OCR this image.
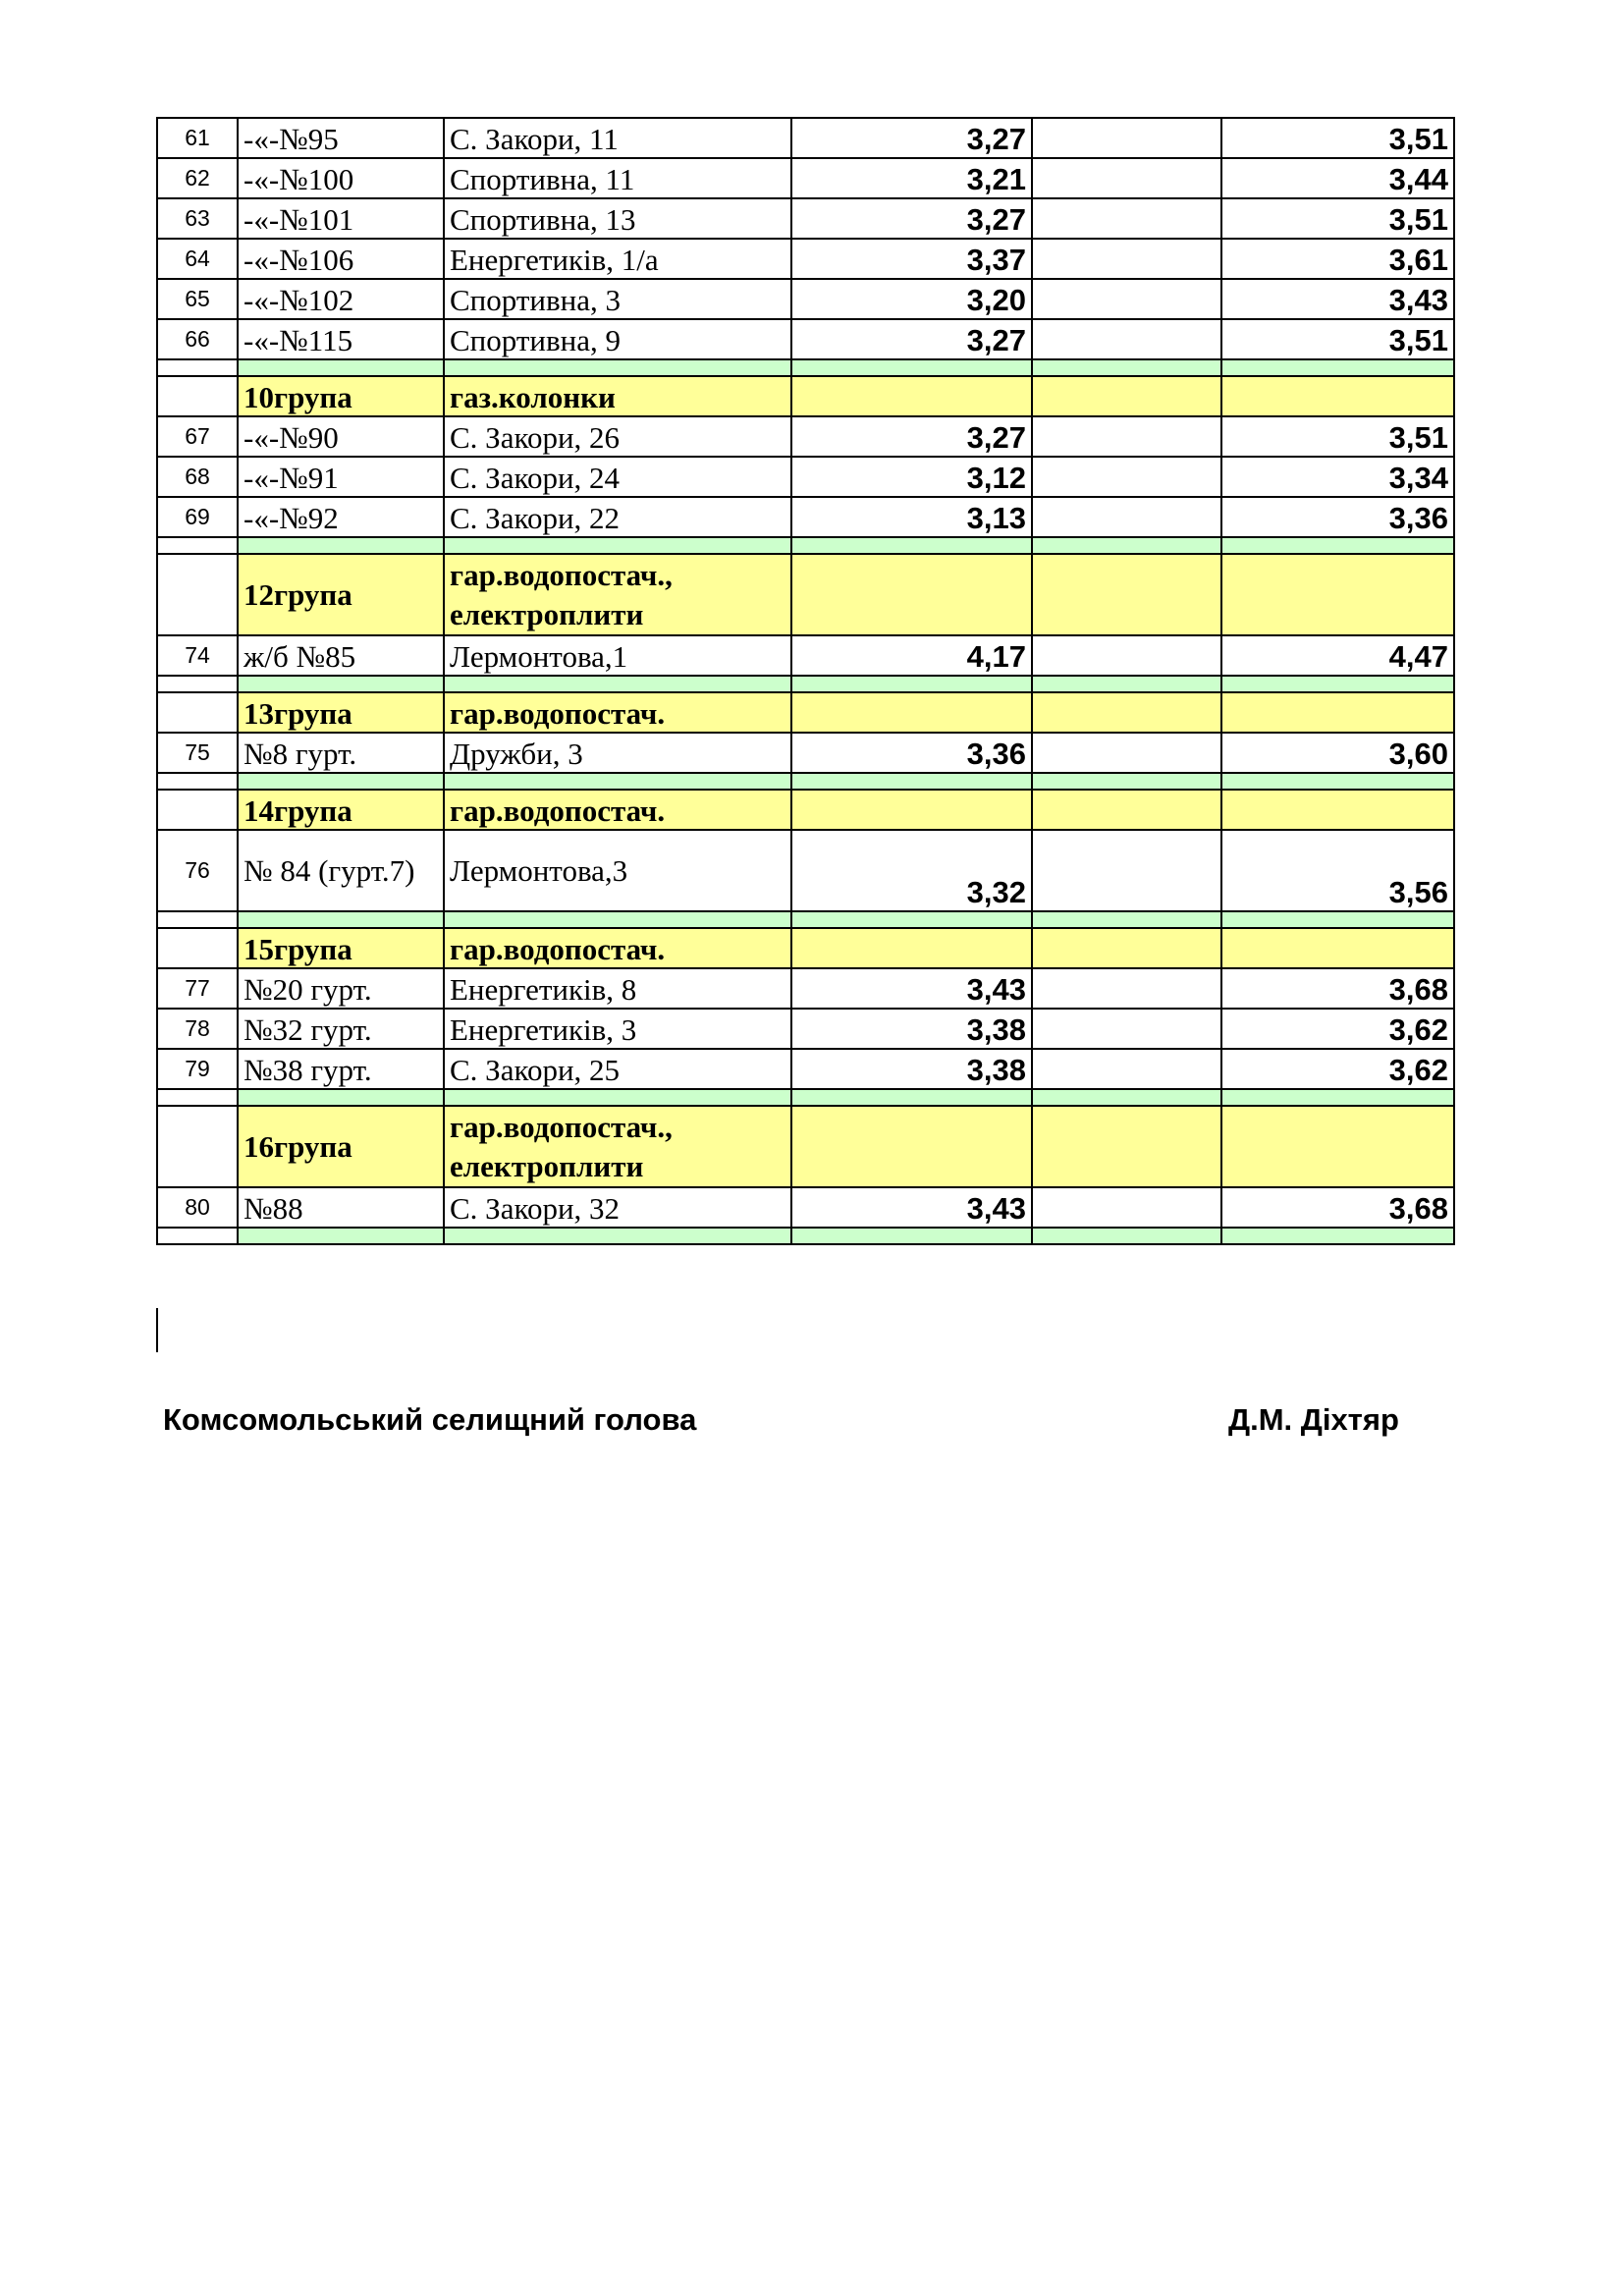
61	-«-№95	С. Закори, 11	3,27		3,51
62	-«-№100	Спортивна, 11	3,21		3,44
63	-«-№101	Спортивна, 13	3,27		3,51
64	-«-№106	Енергетиків, 1/а	3,37		3,61
65	-«-№102	Спортивна, 3	3,20		3,43
66	-«-№115	Спортивна, 9	3,27		3,51

	10група	газ.колонки			
67	-«-№90	С. Закори, 26	3,27		3,51
68	-«-№91	С. Закори, 24	3,12		3,34
69	-«-№92	С. Закори, 22	3,13		3,36

	12група	гар.водопостач., електроплити			
74	ж/б №85	Лермонтова,1	4,17		4,47

	13група	гар.водопостач.			
75	№8 гурт.	Дружби, 3	3,36		3,60

	14група	гар.водопостач.			
76	№ 84 (гурт.7)	Лермонтова,3	3,32		3,56

	15група	гар.водопостач.			
77	№20 гурт.	Енергетиків, 8	3,43		3,68
78	№32 гурт.	Енергетиків, 3	3,38		3,62
79	№38 гурт.	С. Закори, 25	3,38		3,62

	16група	гар.водопостач., електроплити			
80	№88	С. Закори, 32	3,43		3,68

Комсомольський селищний голова	Д.М. Діхтяр
